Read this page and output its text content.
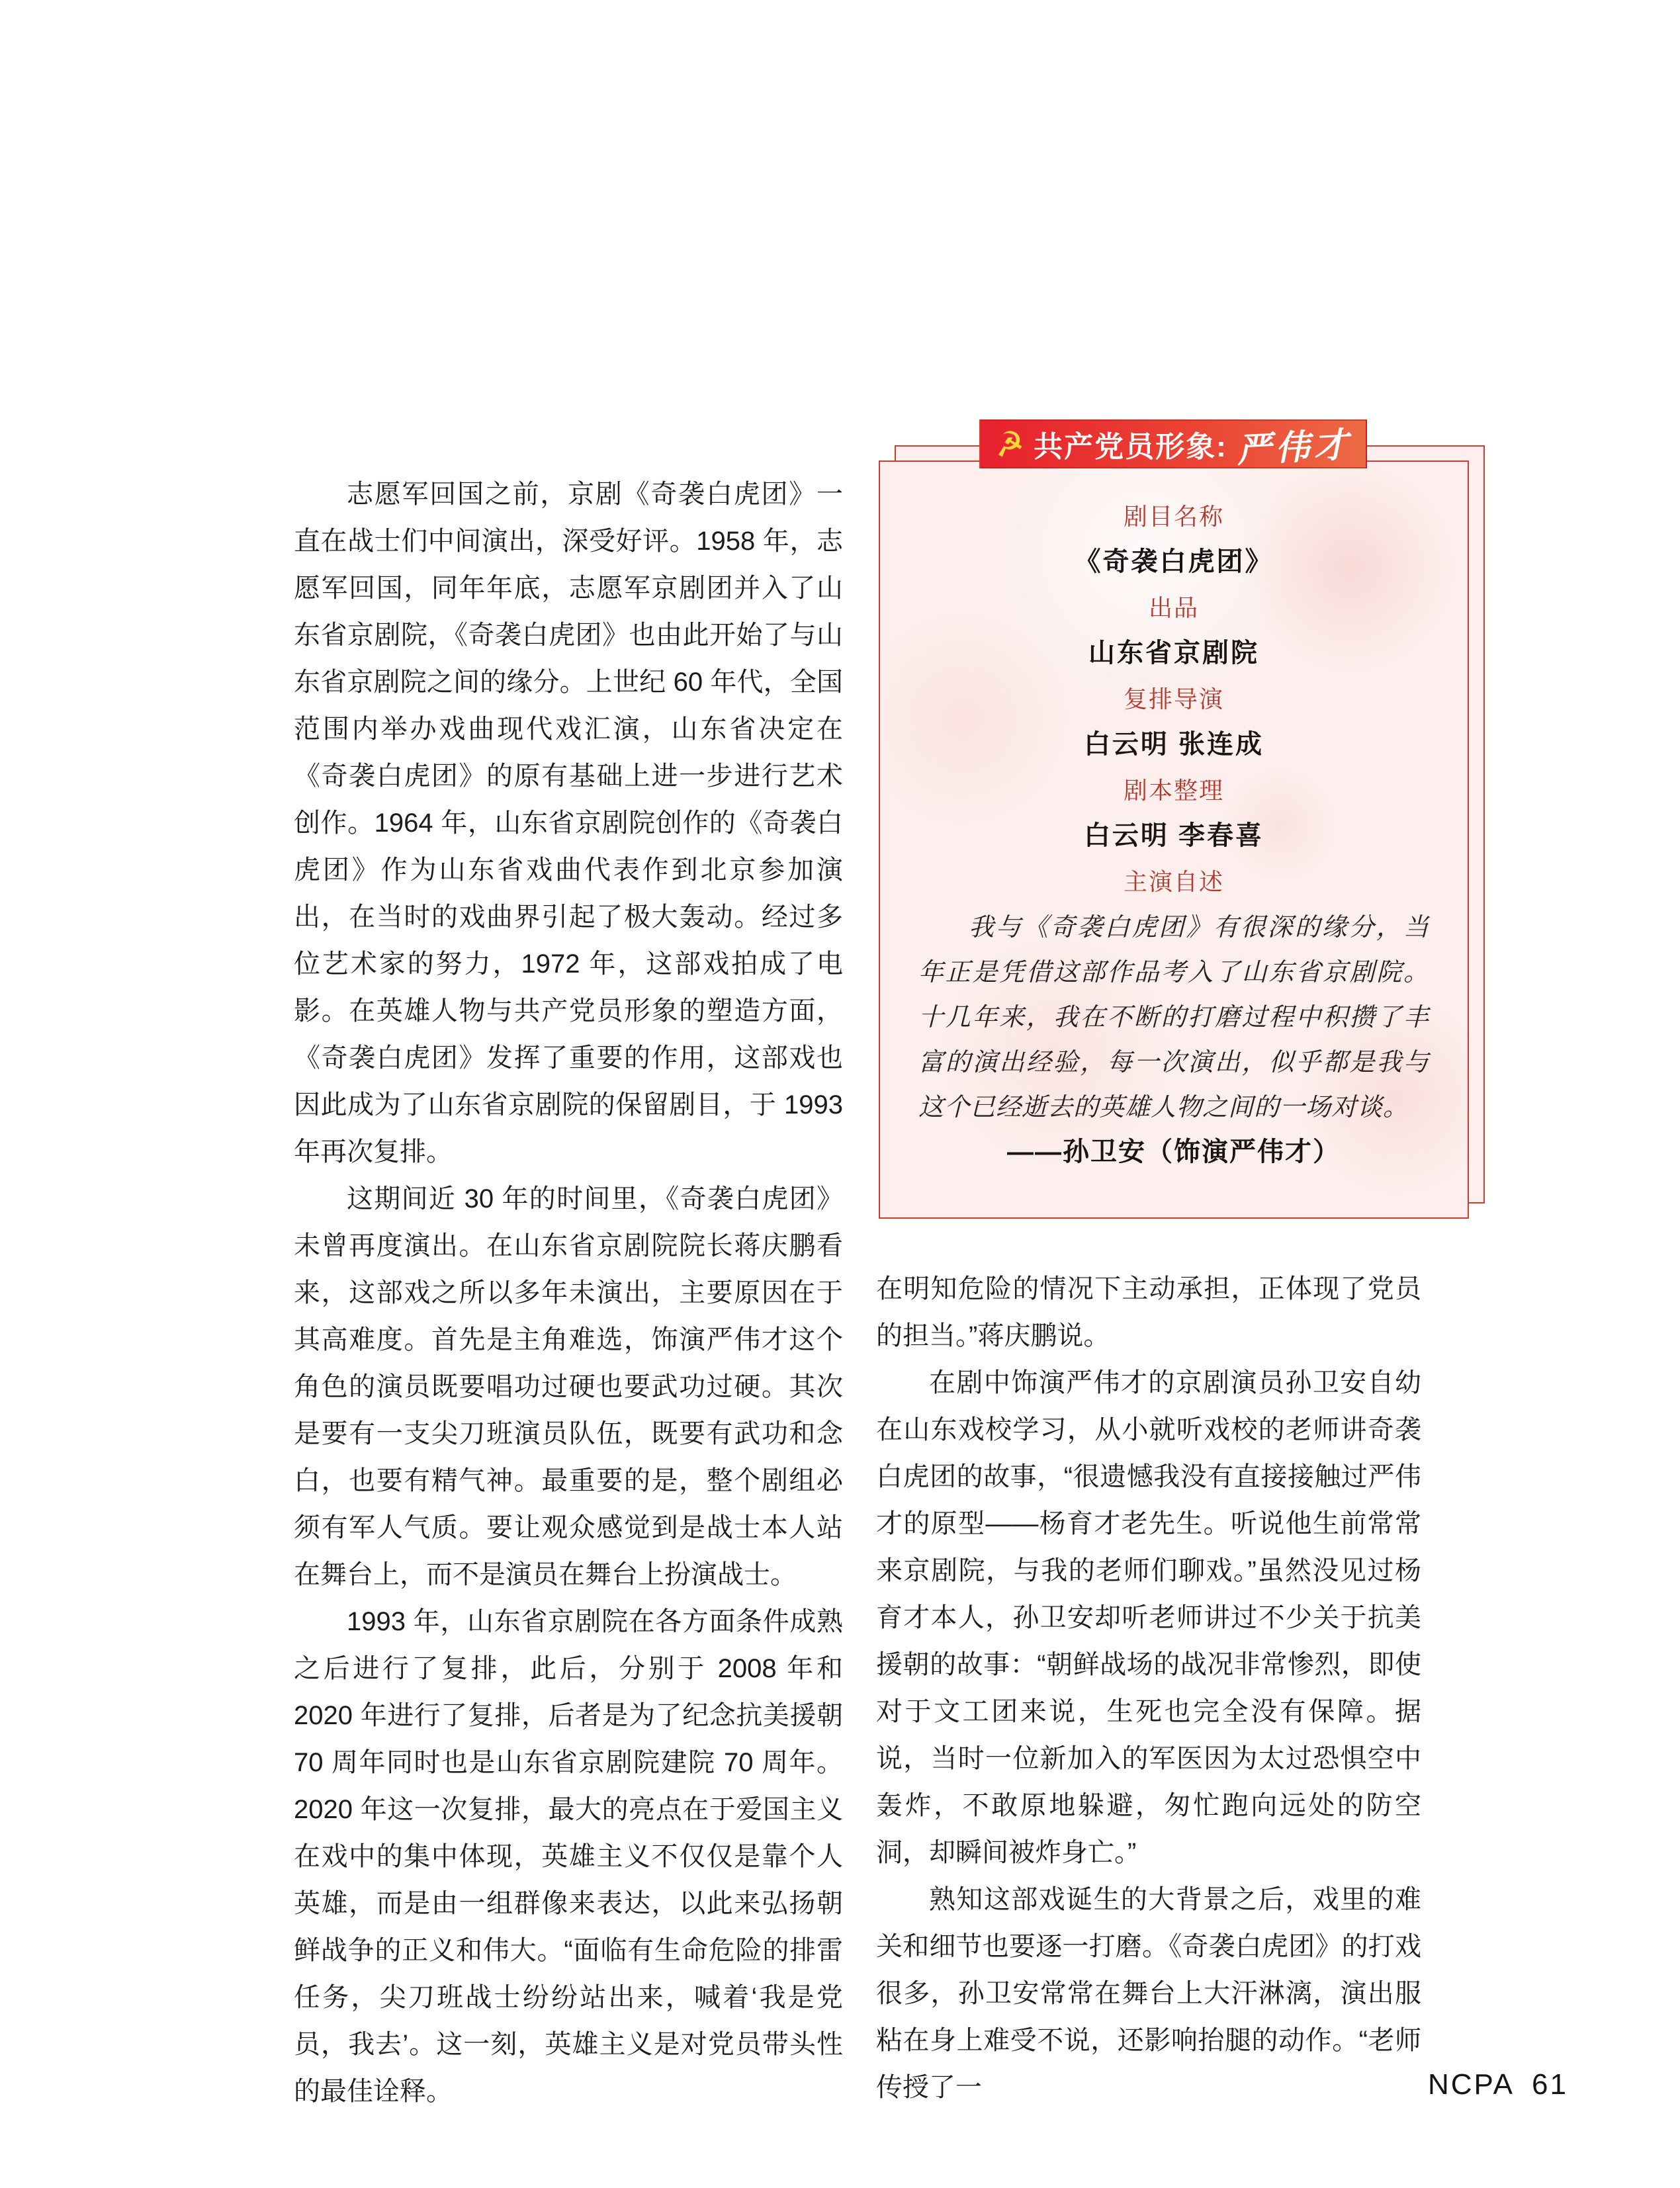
志愿军回国之前，京剧《奇袭白虎团》一直在战士们中间演出，深受好评。1958 年，志愿军回国，同年年底，志愿军京剧团并入了山东省京剧院，《奇袭白虎团》也由此开始了与山东省京剧院之间的缘分。上世纪 60 年代，全国范围内举办戏曲现代戏汇演，山东省决定在《奇袭白虎团》的原有基础上进一步进行艺术创作。1964 年，山东省京剧院创作的《奇袭白虎团》作为山东省戏曲代表作到北京参加演出，在当时的戏曲界引起了极大轰动。经过多位艺术家的努力，1972 年，这部戏拍成了电影。在英雄人物与共产党员形象的塑造方面，《奇袭白虎团》发挥了重要的作用，这部戏也因此成为了山东省京剧院的保留剧目，于 1993 年再次复排。

这期间近 30 年的时间里，《奇袭白虎团》未曾再度演出。在山东省京剧院院长蒋庆鹏看来，这部戏之所以多年未演出，主要原因在于其高难度。首先是主角难选，饰演严伟才这个角色的演员既要唱功过硬也要武功过硬。其次是要有一支尖刀班演员队伍，既要有武功和念白，也要有精气神。最重要的是，整个剧组必须有军人气质。要让观众感觉到是战士本人站在舞台上，而不是演员在舞台上扮演战士。

1993 年，山东省京剧院在各方面条件成熟之后进行了复排，此后，分别于 2008 年和 2020 年进行了复排，后者是为了纪念抗美援朝 70 周年同时也是山东省京剧院建院 70 周年。2020 年这一次复排，最大的亮点在于爱国主义在戏中的集中体现，英雄主义不仅仅是靠个人英雄，而是由一组群像来表达，以此来弘扬朝鲜战争的正义和伟大。“面临有生命危险的排雷任务，尖刀班战士纷纷站出来，喊着‘我是党员，我去’。这一刻，英雄主义是对党员带头性的最佳诠释。

剧目名称
《奇袭白虎团》
出品
山东省京剧院
复排导演
白云明 张连成
剧本整理
白云明 李春喜
主演自述

我与《奇袭白虎团》有很深的缘分，当年正是凭借这部作品考入了山东省京剧院。十几年来，我在不断的打磨过程中积攒了丰富的演出经验，每一次演出，似乎都是我与这个已经逝去的英雄人物之间的一场对谈。

——孙卫安（饰演严伟才）
☭ 共产党员形象: 严伟才

在明知危险的情况下主动承担，正体现了党员的担当。”蒋庆鹏说。

在剧中饰演严伟才的京剧演员孙卫安自幼在山东戏校学习，从小就听戏校的老师讲奇袭白虎团的故事，“很遗憾我没有直接接触过严伟才的原型——杨育才老先生。听说他生前常常来京剧院，与我的老师们聊戏。”虽然没见过杨育才本人，孙卫安却听老师讲过不少关于抗美援朝的故事：“朝鲜战场的战况非常惨烈，即使对于文工团来说，生死也完全没有保障。据说，当时一位新加入的军医因为太过恐惧空中轰炸，不敢原地躲避，匆忙跑向远处的防空洞，却瞬间被炸身亡。”

熟知这部戏诞生的大背景之后，戏里的难关和细节也要逐一打磨。《奇袭白虎团》的打戏很多，孙卫安常常在舞台上大汗淋漓，演出服粘在身上难受不说，还影响抬腿的动作。“老师传授了一	NCPA 61
